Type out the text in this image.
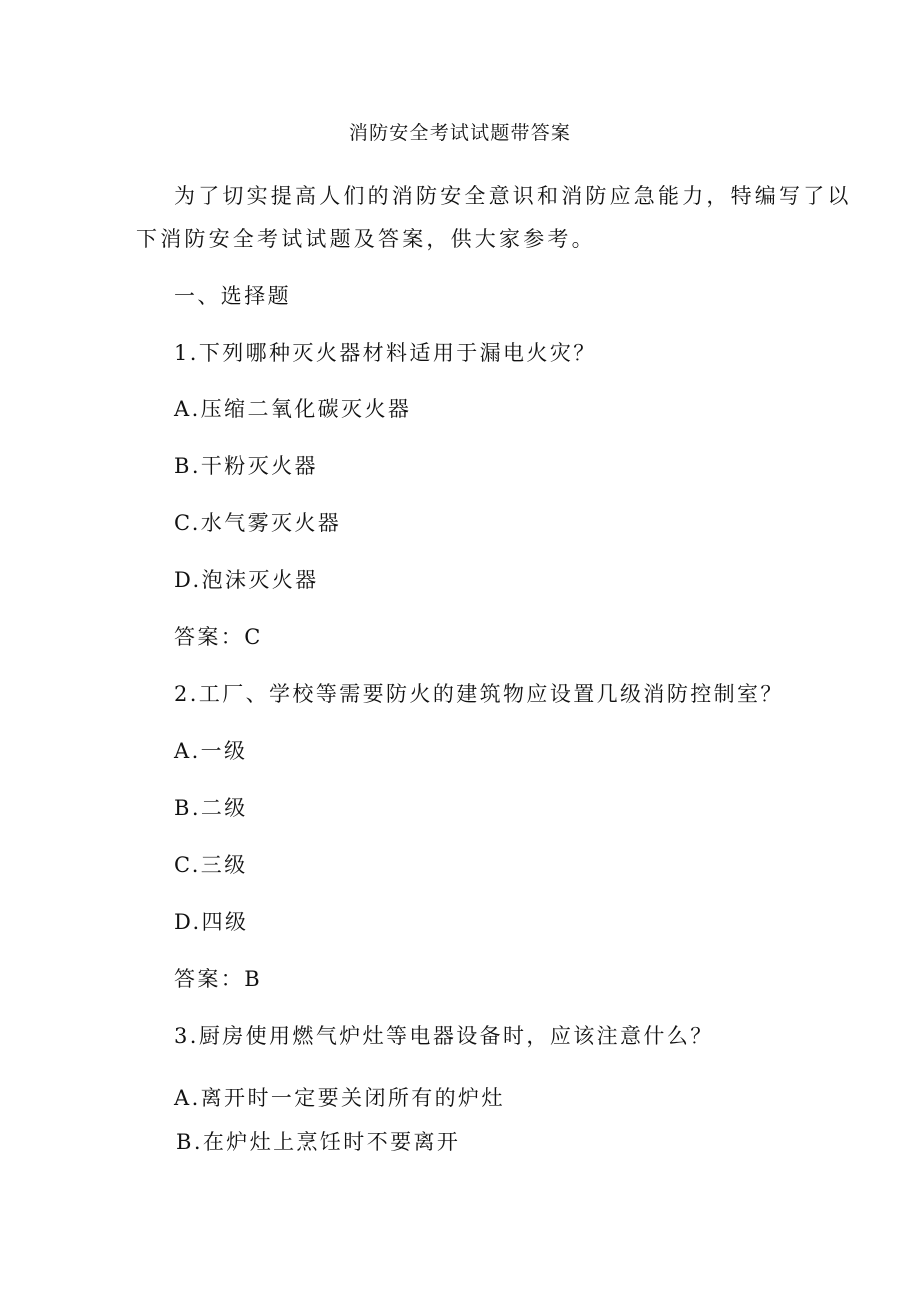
消防安全考试试题带答案
为了切实提高人们的消防安全意识和消防应急能力，特编写了以
下消防安全考试试题及答案，供大家参考。
一、选择题
1.下列哪种灭火器材料适用于漏电火灾？
A.压缩二氧化碳灭火器
B.干粉灭火器
C.水气雾灭火器
D.泡沫灭火器
答案：C
2.工厂、学校等需要防火的建筑物应设置几级消防控制室？
A.一级
B.二级
C.三级
D.四级
答案：B
3.厨房使用燃气炉灶等电器设备时，应该注意什么？
A.离开时一定要关闭所有的炉灶
B.在炉灶上烹饪时不要离开
